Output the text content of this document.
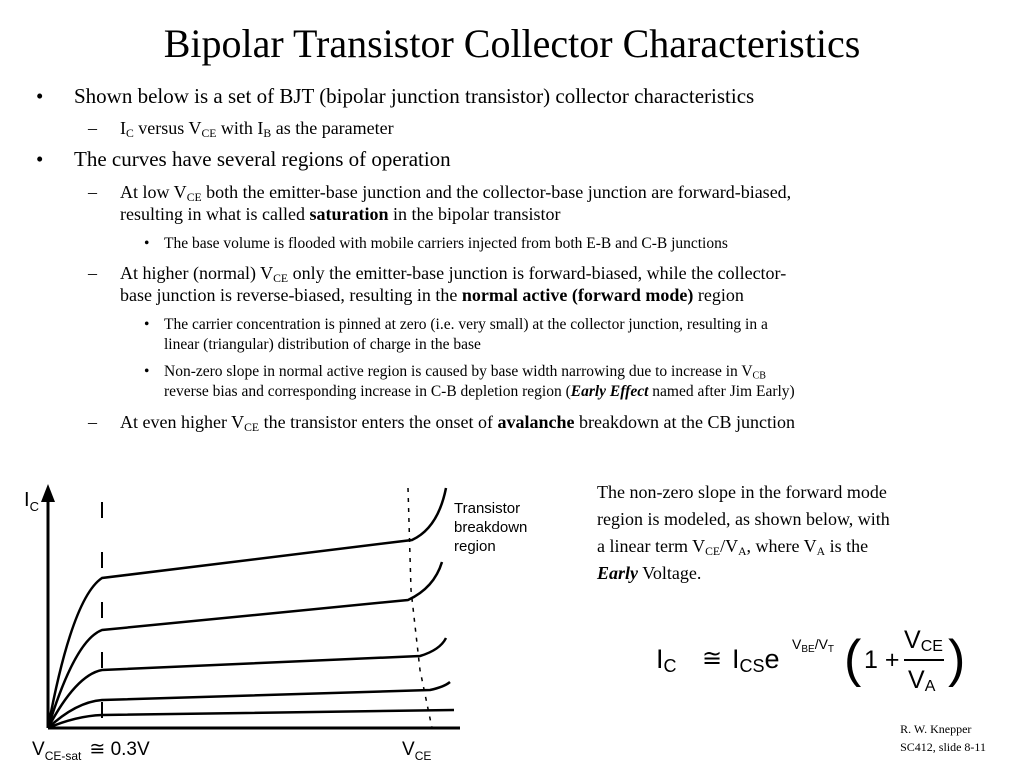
Bipolar Transistor Collector Characteristics
• Shown below is a set of BJT (bipolar junction transistor) collector characteristics
– $I_C$ versus $V_{CE}$ with $I_B$ as the parameter
• The curves have several regions of operation
– At low $V_{CE}$ both the emitter-base junction and the collector-base junction are forward-biased,
resulting in what is called saturation in the bipolar transistor
• The base volume is flooded with mobile carriers injected from both E-B and C-B junctions
– At higher (normal) $V_{CE}$ only the emitter-base junction is forward-biased, while the collector-
base junction is reverse-biased, resulting in the normal active (forward mode) region
• The carrier concentration is pinned at zero (i.e. very small) at the collector junction, resulting in a
linear (triangular) distribution of charge in the base
• Non-zero slope in normal active region is caused by base width narrowing due to increase in $V_{CB}$
reverse bias and corresponding increase in C-B depletion region (Early Effect named after Jim Early)
– At even higher $V_{CE}$ the transistor enters the onset of avalanche breakdown at the CB junction
$I_C$
$V_{CE}$
$V_{CE-sat}$ ≅ 0.3V
Transistor breakdown region
The non-zero slope in the forward mode
region is modeled, as shown below, with
a linear term $V_{CE}/V_A$, where $V_A$ is the
Early Voltage.
IC ≅ ICSe $V_{BE}/V_T$ ( 1 +
VCE
VA )
R. W. Knepper
SC412, slide 8-11
